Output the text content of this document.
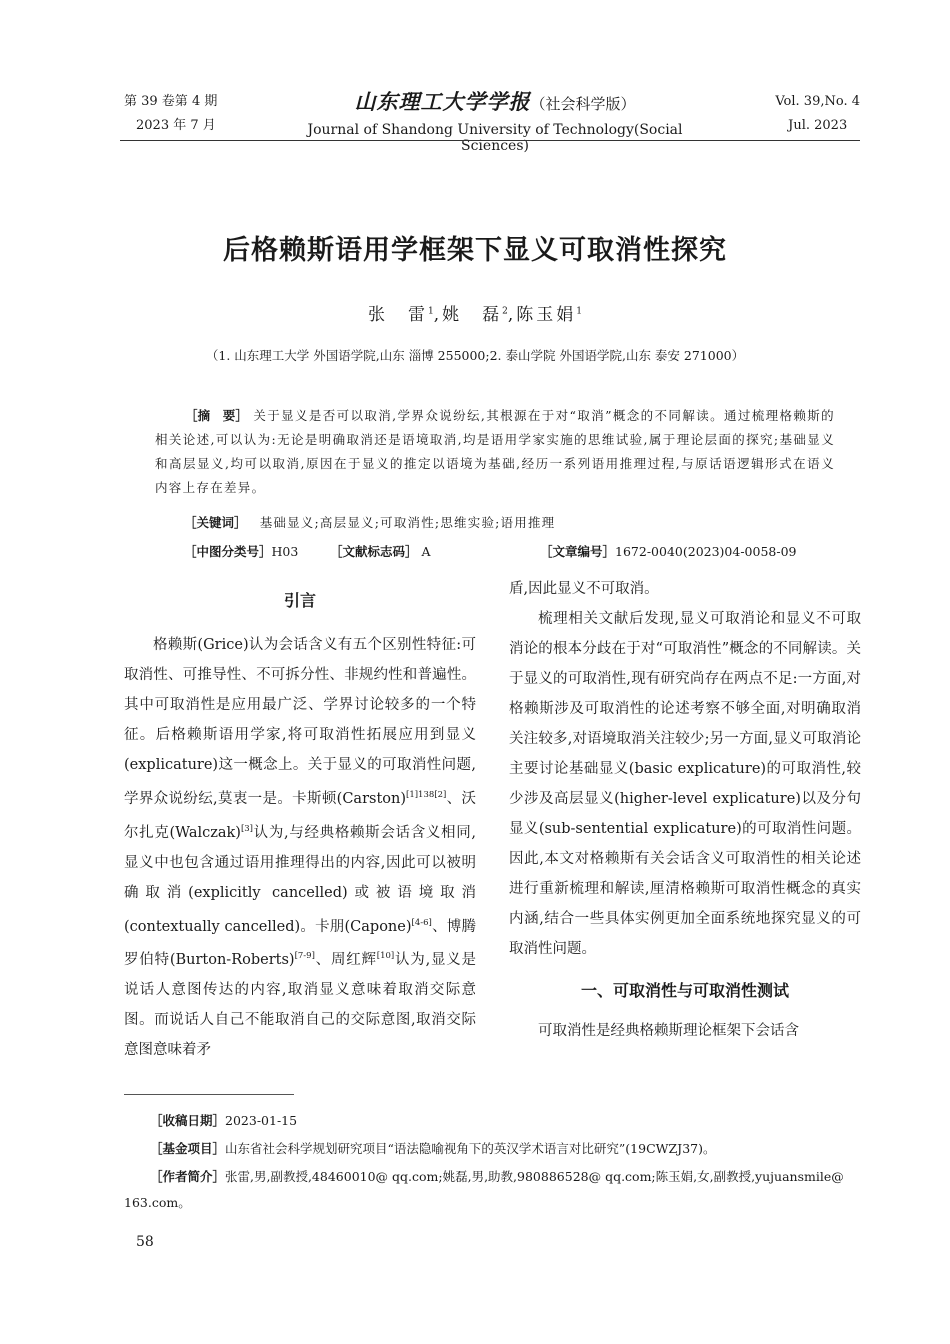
第 39 卷第 4 期
2023 年 7 月
山东理工大学学报（社会科学版）
Journal of Shandong University of Technology(Social Sciences)
Vol. 39,No. 4
Jul. 2023
后格赖斯语用学框架下显义可取消性探究
张　雷$^1$,姚　磊$^2$,陈玉娟$^1$
（1. 山东理工大学 外国语学院,山东 淄博 255000;2. 泰山学院 外国语学院,山东 泰安 271000）
［摘　要］ 关于显义是否可以取消,学界众说纷纭,其根源在于对“取消”概念的不同解读。通过梳理格赖斯的相关论述,可以认为:无论是明确取消还是语境取消,均是语用学家实施的思维试验,属于理论层面的探究;基础显义和高层显义,均可以取消,原因在于显义的推定以语境为基础,经历一系列语用推理过程,与原话语逻辑形式在语义内容上存在差异。
［关键词］ 基础显义;高层显义;可取消性;思维实验;语用推理
［中图分类号］H03	［文献标志码］ A	［文章编号］1672-0040(2023)04-0058-09
引言

格赖斯(Grice)认为会话含义有五个区别性特征:可取消性、可推导性、不可拆分性、非规约性和普遍性。其中可取消性是应用最广泛、学界讨论较多的一个特征。后格赖斯语用学家,将可取消性拓展应用到显义(explicature)这一概念上。关于显义的可取消性问题,学界众说纷纭,莫衷一是。卡斯顿(Carston)[1]138[2]、沃尔扎克(Walczak)[3]认为,与经典格赖斯会话含义相同,显义中也包含通过语用推理得出的内容,因此可以被明确取消(explicitly cancelled)或被语境取消(contextually cancelled)。卡朋(Capone)[4-6]、博腾罗伯特(Burton-Roberts)[7-9]、周红辉[10]认为,显义是说话人意图传达的内容,取消显义意味着取消交际意图。而说话人自己不能取消自己的交际意图,取消交际意图意味着矛

盾,因此显义不可取消。

梳理相关文献后发现,显义可取消论和显义不可取消论的根本分歧在于对“可取消性”概念的不同解读。关于显义的可取消性,现有研究尚存在两点不足:一方面,对格赖斯涉及可取消性的论述考察不够全面,对明确取消关注较多,对语境取消关注较少;另一方面,显义可取消论主要讨论基础显义(basic explicature)的可取消性,较少涉及高层显义(higher-level explicature)以及分句显义(sub-sentential explicature)的可取消性问题。因此,本文对格赖斯有关会话含义可取消性的相关论述进行重新梳理和解读,厘清格赖斯可取消性概念的真实内涵,结合一些具体实例更加全面系统地探究显义的可取消性问题。

一、可取消性与可取消性测试

可取消性是经典格赖斯理论框架下会话含

［收稿日期］2023-01-15
［基金项目］山东省社会科学规划研究项目“语法隐喻视角下的英汉学术语言对比研究”(19CWZJ37)。
［作者简介］张雷,男,副教授,48460010@ qq.com;姚磊,男,助教,980886528@ qq.com;陈玉娟,女,副教授,yujuansmile@ 163.com。
58
